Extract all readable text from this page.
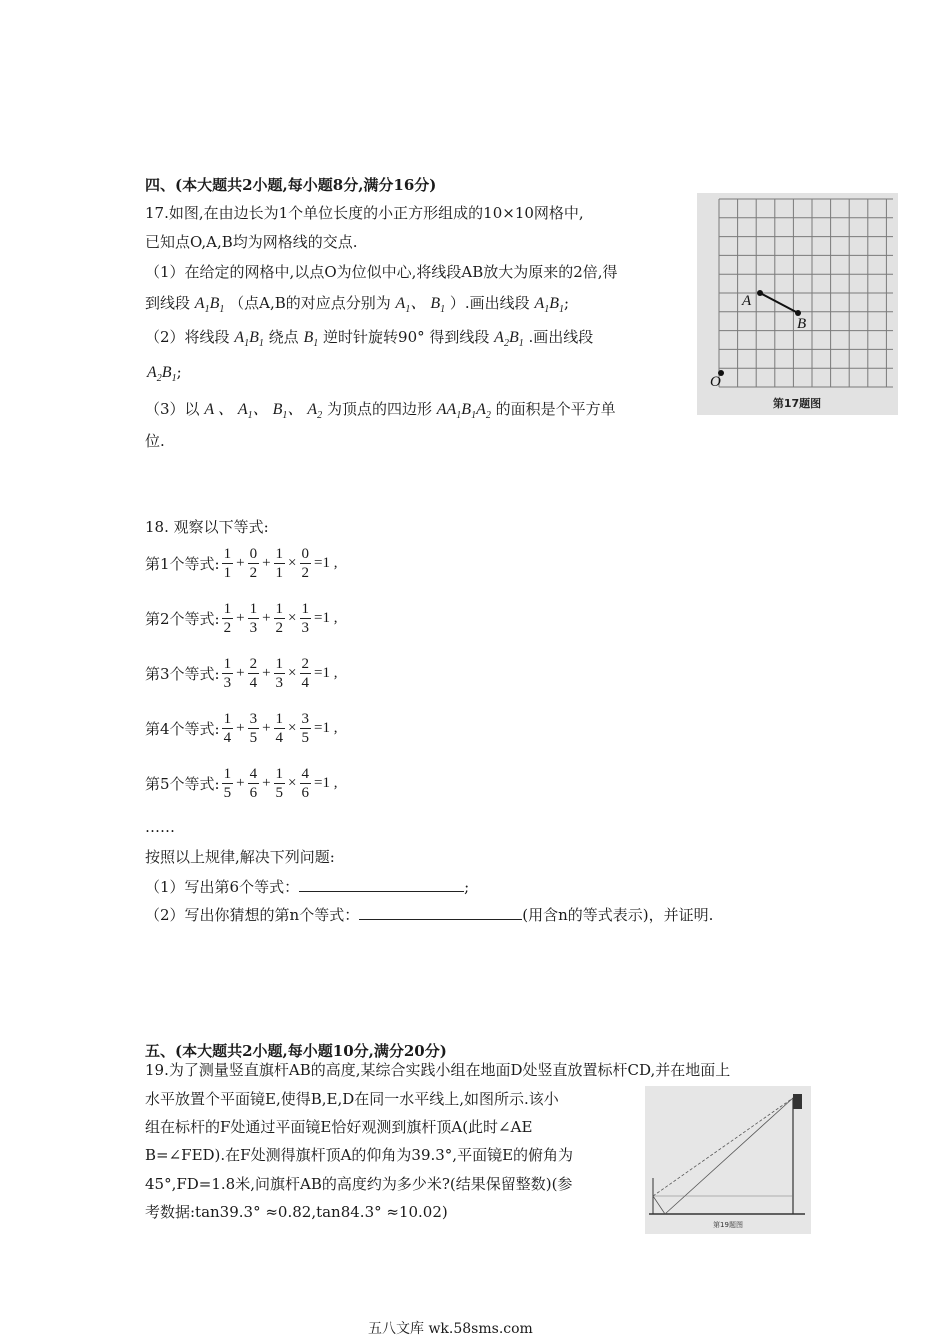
四、(本大题共2小题,每小题8分,满分16分)
17.如图,在由边长为1个单位长度的小正方形组成的10×10网格中,
已知点O,A,B均为网格线的交点.
（1）在给定的网格中,以点O为位似中心,将线段AB放大为原来的2倍,得
到线段 $A_1B_1$ （点A,B的对应点分别为 $A_1$、 $B_1$ ）.画出线段 $A_1B_1$;
（2）将线段 $A_1B_1$ 绕点 $B_1$ 逆时针旋转90° 得到线段 $A_2B_1$ .画出线段
$A_2B_1$;
（3）以 A 、 $A_1$、 $B_1$、 $A_2$ 为顶点的四边形 $AA_1B_1A_2$ 的面积是个平方单
位.
A
B
O
第17题图
18. 观察以下等式:
第1个等式: $\frac{1}{1} + \frac{0}{2} + \frac{1}{1} \times \frac{0}{2} =1$ ,
第2个等式: $\frac{1}{2} + \frac{1}{3} + \frac{1}{2} \times \frac{1}{3} =1$ ,
第3个等式: $\frac{1}{3} + \frac{2}{4} + \frac{1}{3} \times \frac{2}{4} =1$ ,
第4个等式: $\frac{1}{4} + \frac{3}{5} + \frac{1}{4} \times \frac{3}{5} =1$ ,
第5个等式: $\frac{1}{5} + \frac{4}{6} + \frac{1}{5} \times \frac{4}{6} =1$ ,
……
按照以上规律,解决下列问题:
（1）写出第6个等式：	;
（2）写出你猜想的第n个等式：	(用含n的等式表示)，并证明.
五、(本大题共2小题,每小题10分,满分20分)
19.为了测量竖直旗杆AB的高度,某综合实践小组在地面D处竖直放置标杆CD,并在地面上
水平放置个平面镜E,使得B,E,D在同一水平线上,如图所示.该小
组在标杆的F处通过平面镜E恰好观测到旗杆顶A(此时∠AE
B=∠FED).在F处测得旗杆顶A的仰角为39.3°,平面镜E的俯角为
45°,FD=1.8米,问旗杆AB的高度约为多少米?(结果保留整数)(参
考数据:tan39.3° ≈0.82,tan84.3° ≈10.02)
第19题图
五八文库 wk.58sms.com
